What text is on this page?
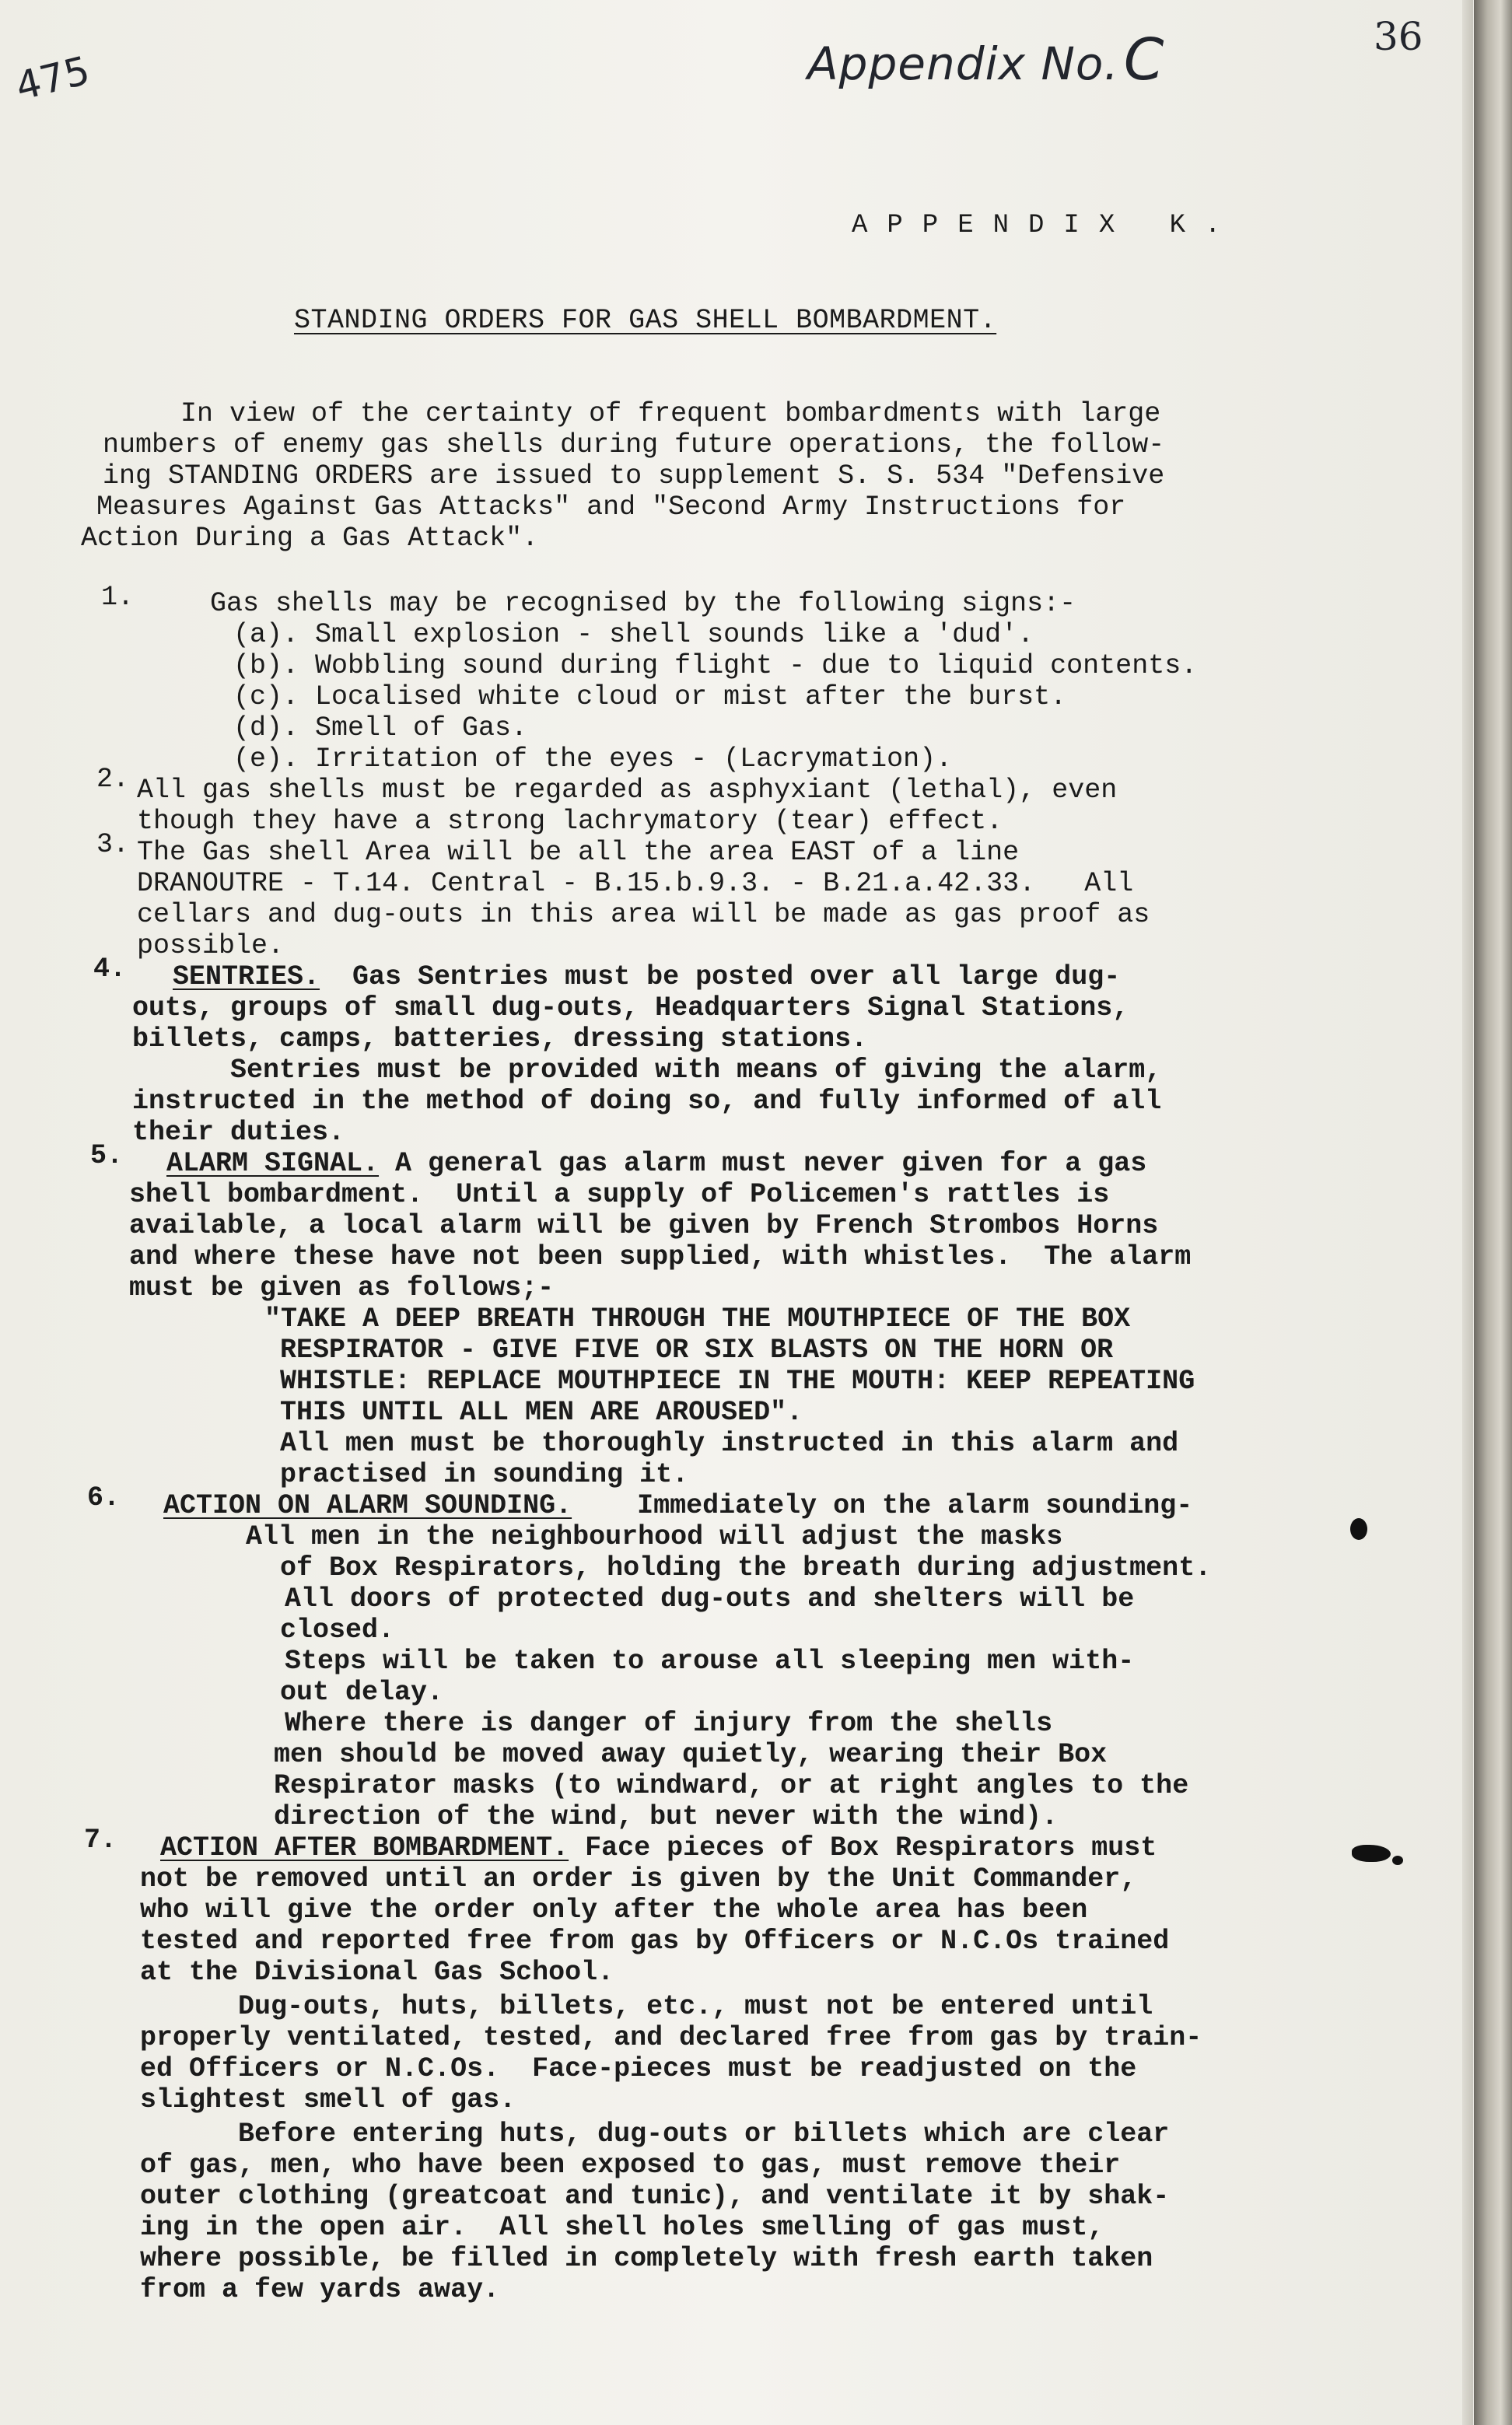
475	Appendix No.C	36
APPENDIX K.
STANDING ORDERS FOR GAS SHELL BOMBARDMENT.
In view of the certainty of frequent bombardments with large
numbers of enemy gas shells during future operations, the follow-
ing STANDING ORDERS are issued to supplement S. S. 534 "Defensive
Measures Against Gas Attacks" and "Second Army Instructions for
Action During a Gas Attack".
1.	Gas shells may be recognised by the following signs:-
(a). Small explosion - shell sounds like a 'dud'.
(b). Wobbling sound during flight - due to liquid contents.
(c). Localised white cloud or mist after the burst.
(d). Smell of Gas.
(e). Irritation of the eyes - (Lacrymation).
2. All gas shells must be regarded as asphyxiant (lethal), even
though they have a strong lachrymatory (tear) effect.
3. The Gas shell Area will be all the area EAST of a line
DRANOUTRE - T.14. Central - B.15.b.9.3. - B.21.a.42.33.   All
cellars and dug-outs in this area will be made as gas proof as
possible.
4. SENTRIES.  Gas Sentries must be posted over all large dug-
outs, groups of small dug-outs, Headquarters Signal Stations,
billets, camps, batteries, dressing stations.
Sentries must be provided with means of giving the alarm,
instructed in the method of doing so, and fully informed of all
their duties.
5. ALARM SIGNAL. A general gas alarm must never given for a gas
shell bombardment.  Until a supply of Policemen's rattles is
available, a local alarm will be given by French Strombos Horns
and where these have not been supplied, with whistles.  The alarm
must be given as follows;-
"TAKE A DEEP BREATH THROUGH THE MOUTHPIECE OF THE BOX
RESPIRATOR - GIVE FIVE OR SIX BLASTS ON THE HORN OR
WHISTLE: REPLACE MOUTHPIECE IN THE MOUTH: KEEP REPEATING
THIS UNTIL ALL MEN ARE AROUSED".
All men must be thoroughly instructed in this alarm and
practised in sounding it.
6. ACTION ON ALARM SOUNDING.    Immediately on the alarm sounding-
All men in the neighbourhood will adjust the masks
of Box Respirators, holding the breath during adjustment.
All doors of protected dug-outs and shelters will be
closed.
Steps will be taken to arouse all sleeping men with-
out delay.
Where there is danger of injury from the shells
men should be moved away quietly, wearing their Box
Respirator masks (to windward, or at right angles to the
direction of the wind, but never with the wind).
7. ACTION AFTER BOMBARDMENT. Face pieces of Box Respirators must
not be removed until an order is given by the Unit Commander,
who will give the order only after the whole area has been
tested and reported free from gas by Officers or N.C.Os trained
at the Divisional Gas School.
Dug-outs, huts, billets, etc., must not be entered until
properly ventilated, tested, and declared free from gas by train-
ed Officers or N.C.Os.  Face-pieces must be readjusted on the
slightest smell of gas.
Before entering huts, dug-outs or billets which are clear
of gas, men, who have been exposed to gas, must remove their
outer clothing (greatcoat and tunic), and ventilate it by shak-
ing in the open air.  All shell holes smelling of gas must,
where possible, be filled in completely with fresh earth taken
from a few yards away.
